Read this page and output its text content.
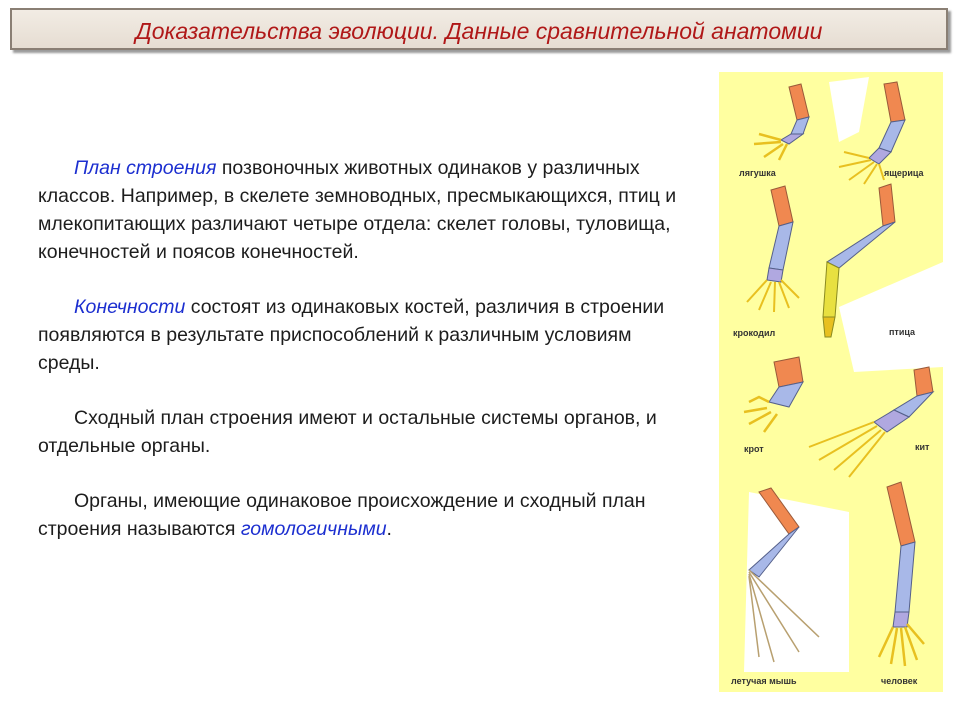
Доказательства эволюции. Данные сравнительной анатомии

План строения позвоночных животных одинаков у различных классов. Например, в скелете земноводных, пресмыкающихся, птиц и млекопитающих различают четыре отдела: скелет головы, туловища, конечностей и поясов конечностей.

Конечности состоят из одинаковых костей, различия в строении появляются в результате приспособлений к различным условиям среды.

Сходный план строения имеют и остальные системы органов, и отдельные органы.

Органы, имеющие одинаковое происхождение и сходный план строения называются гомологичными.

лягушка	ящерица
крокодил	птица
крот	кит
летучая мышь	человек
